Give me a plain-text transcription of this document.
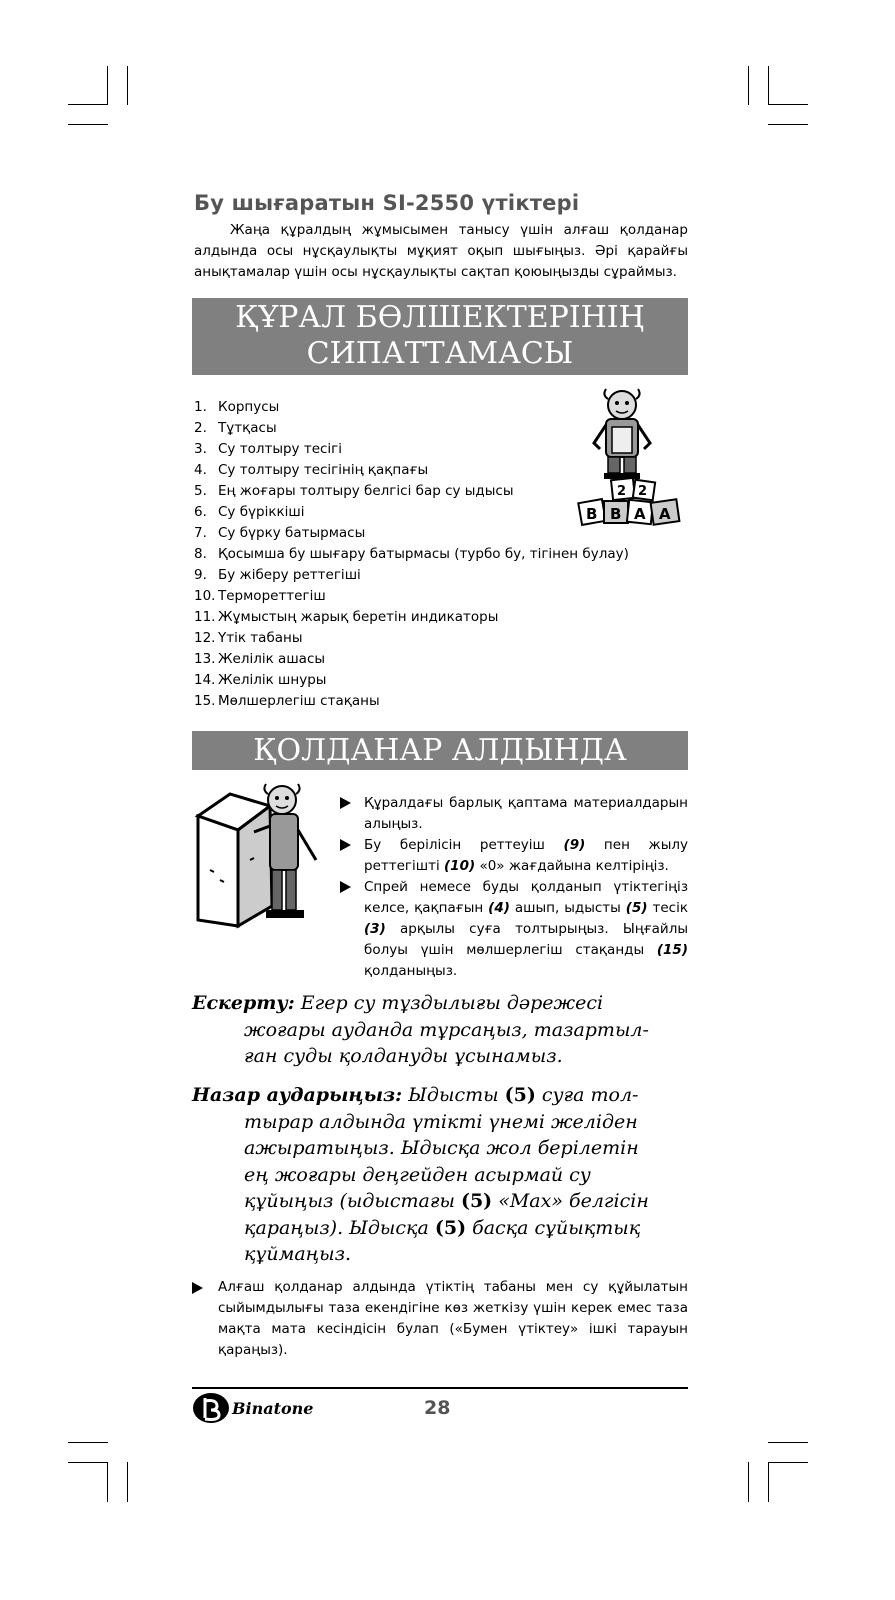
Бу шығаратын SI-2550 үтіктері
Жаңа құралдың жұмысымен танысу үшін алғаш қолданар алдында осы нұсқаулықты мұқият оқып шығыңыз. Әрі қарайғы анықтамалар үшін осы нұсқаулықты сақтап қоюыңызды сұраймыз.
ҚҰРАЛ БӨЛШЕКТЕРІНІҢ
СИПАТТАМАСЫ
1. Корпусы
2. Тұтқасы
3. Су толтыру тесігі
4. Су толтыру тесігінің қақпағы
5. Ең жоғары толтыру белгісі бар су ыдысы
6. Су бүріккіші
7. Су бүрку батырмасы
8. Қосымша бу шығару батырмасы (турбо бу, тігінен булау)
9. Бу жіберу реттегіші
10. Термореттегіш
11. Жұмыстың жарық беретін индикаторы
12. Үтік табаны
13. Желілік ашасы
14. Желілік шнуры
15. Мөлшерлегіш стақаны
B B A A
2 2
ҚОЛДАНАР АЛДЫНДА
Құралдағы барлық қаптама материалдарын алыңыз.
Бу берілісін реттеуіш (9) пен жылу реттегішті (10) «0» жағдайына келтіріңіз.
Спрей немесе буды қолданып үтіктегіңіз келсе, қақпағын (4) ашып, ыдысты (5) тесік (3) арқылы суға толтырыңыз. Ыңғайлы болуы үшін мөлшерлегіш стақанды (15) қолданыңыз.
Ескерту: Егер су тұздылығы дәрежесі
жоғары ауданда тұрсаңыз, тазартыл-
ған суды қолдануды ұсынамыз.
Назар аударыңыз: Ыдысты (5) суға тол-
тырар алдында үтікті үнемі желіден
ажыратыңыз. Ыдысқа жол берілетін
ең жоғары деңгейден асырмай су
құйыңыз (ыдыстағы (5) «Max» белгісін
қараңыз). Ыдысқа (5) басқа сұйықтық
құймаңыз.
Алғаш қолданар алдында үтіктің табаны мен су құйылатын сыйымдылығы таза екендігіне көз жеткізу үшін керек емес таза мақта мата кесіндісін булап («Бумен үтіктеу» ішкі тарауын қараңыз).
Binatone	28
